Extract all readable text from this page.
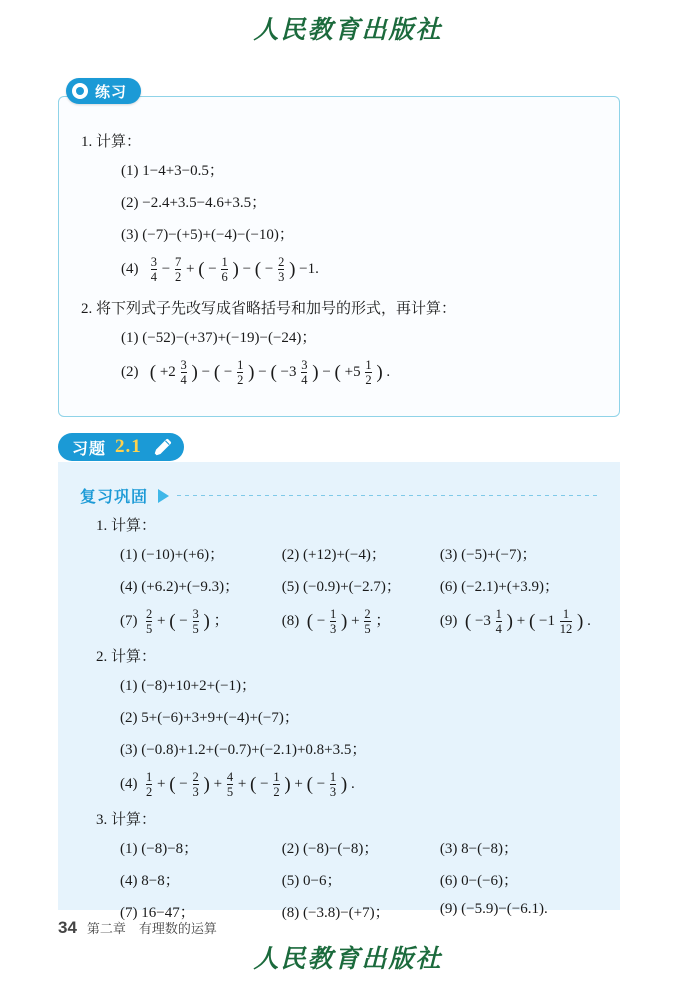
人民教育出版社
1. 计算：
(1) 1−4+3−0.5；
(2) −2.4+3.5−4.6+3.5；
(3) (−7)−(+5)+(−4)−(−10)；
$(4) \frac{3}{4} - \frac{7}{2}$ + ( − $\frac{1}{6}$ ) − ( − $\frac{2}{3}$ ) −1.
2. 将下列式子先改写成省略括号和加号的形式，再计算：
(1) (−52)−(+37)+(−19)−(−24)；
(2) ( $+2 \frac{3}{4}$ ) − ( − $\frac{1}{2}$ ) − ( $-3 \frac{3}{4}$ ) − ( $+5 \frac{1}{2}$ ) .
练习
习题 2.1
复习巩固
1. 计算：
(1) (−10)+(+6)；	(2) (+12)+(−4)；	(3) (−5)+(−7)；
(4) (+6.2)+(−9.3)；	(5) (−0.9)+(−2.7)；	(6) (−2.1)+(+3.9)；
$(7) \frac{2}{5}$ + ( − $\frac{3}{5}$ ) ；	(8) ( − $\frac{1}{3}$ ) + $\frac{2}{5}$ ；	(9) ( $-3 \frac{1}{4}$ ) + ( $-1 \frac{1}{12}$ ) .
2. 计算：
(1) (−8)+10+2+(−1)；
(2) 5+(−6)+3+9+(−4)+(−7)；
(3) (−0.8)+1.2+(−0.7)+(−2.1)+0.8+3.5；
$(4) \frac{1}{2}$ + ( − $\frac{2}{3}$ ) + $\frac{4}{5}$ + ( − $\frac{1}{2}$ ) + ( − $\frac{1}{3}$ ) .
3. 计算：
(1) (−8)−8；	(2) (−8)−(−8)；	(3) 8−(−8)；
(4) 8−8；	(5) 0−6；	(6) 0−(−6)；
(7) 16−47；	(8) (−3.8)−(+7)；	(9) (−5.9)−(−6.1).
34 第二章　有理数的运算
人民教育出版社
